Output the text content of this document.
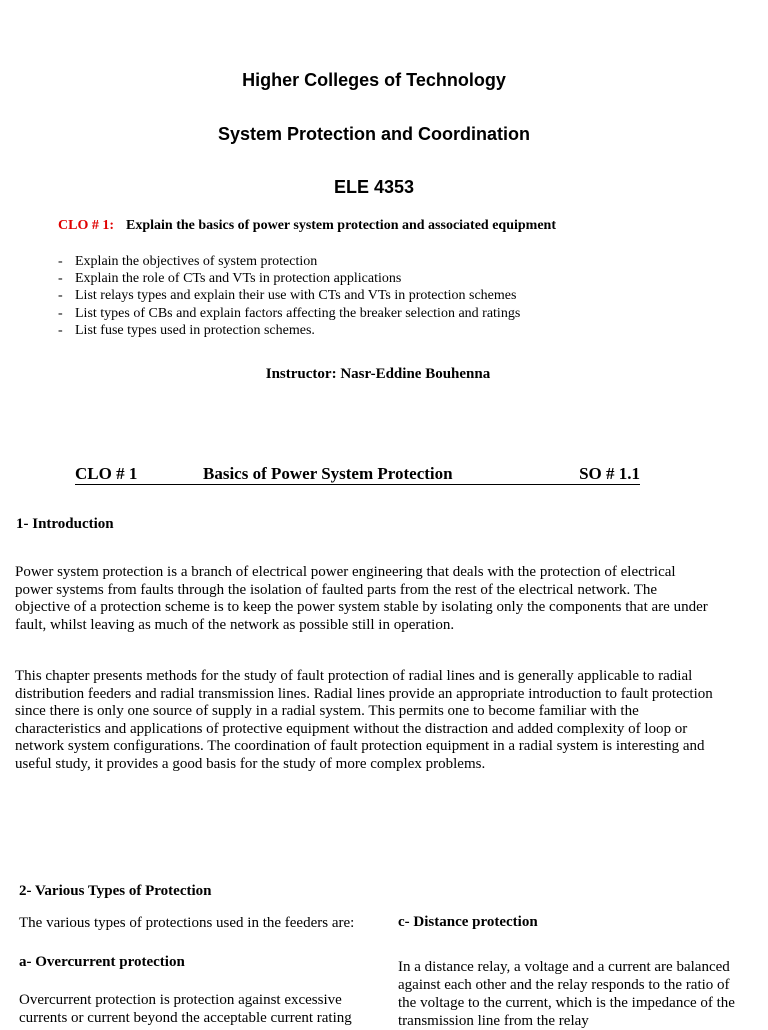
Higher Colleges of Technology
System Protection and Coordination
ELE 4353
CLO # 1: Explain the basics of power system protection and associated equipment
- Explain the objectives of system protection
- Explain the role of CTs and VTs in protection applications
- List relays types and explain their use with CTs and VTs in protection schemes
- List types of CBs and explain factors affecting the breaker selection and ratings
- List fuse types used in protection schemes.
Instructor: Nasr-Eddine Bouhenna
CLO # 1	Basics of Power System Protection	SO # 1.1
1- Introduction
Power system protection is a branch of electrical power engineering that deals with the protection of electrical power systems from faults through the isolation of faulted parts from the rest of the electrical network. The objective of a protection scheme is to keep the power system stable by isolating only the components that are under fault, whilst leaving as much of the network as possible still in operation.
This chapter presents methods for the study of fault protection of radial lines and is generally applicable to radial distribution feeders and radial transmission lines. Radial lines provide an appropriate introduction to fault protection since there is only one source of supply in a radial system. This permits one to become familiar with the characteristics and applications of protective equipment without the distraction and added complexity of loop or network system configurations. The coordination of fault protection equipment in a radial system is interesting and useful study, it provides a good basis for the study of more complex problems.
2- Various Types of Protection
The various types of protections used in the feeders are:
a- Overcurrent protection
Overcurrent protection is protection against excessive currents or current beyond the acceptable current rating
c- Distance protection
In a distance relay, a voltage and a current are balanced against each other and the relay responds to the ratio of the voltage to the current, which is the impedance of the transmission line from the relay
